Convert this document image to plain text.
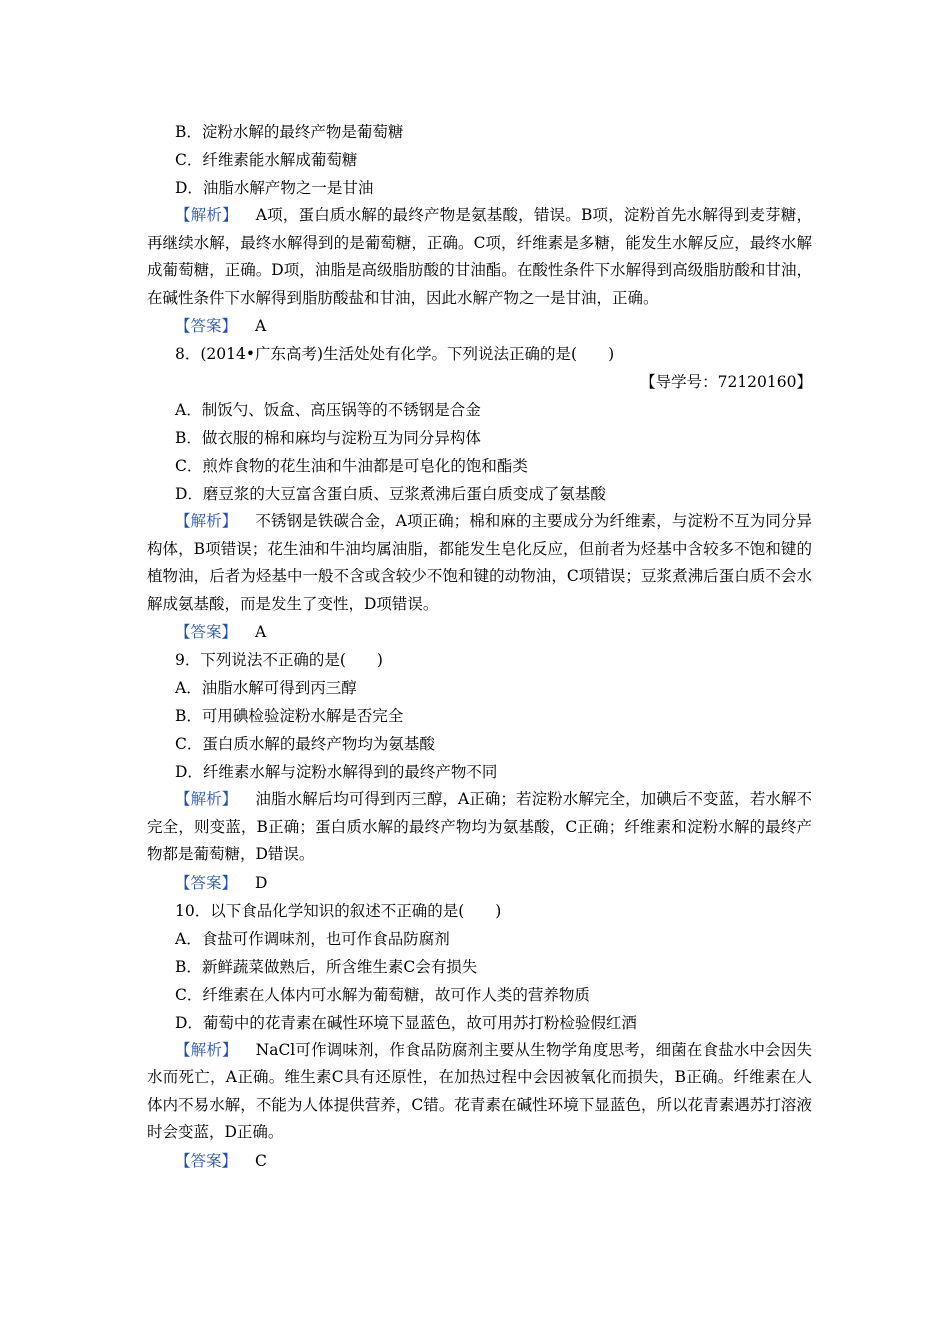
B．淀粉水解的最终产物是葡萄糖
C．纤维素能水解成葡萄糖
D．油脂水解产物之一是甘油
【解析】 A项，蛋白质水解的最终产物是氨基酸，错误。B项，淀粉首先水解得到麦芽糖，再继续水解，最终水解得到的是葡萄糖，正确。C项，纤维素是多糖，能发生水解反应，最终水解成葡萄糖，正确。D项，油脂是高级脂肪酸的甘油酯。在酸性条件下水解得到高级脂肪酸和甘油，在碱性条件下水解得到脂肪酸盐和甘油，因此水解产物之一是甘油，正确。
【答案】 A
8．(2014•广东高考)生活处处有化学。下列说法正确的是(　　)
【导学号：72120160】
A．制饭勺、饭盒、高压锅等的不锈钢是合金
B．做衣服的棉和麻均与淀粉互为同分异构体
C．煎炸食物的花生油和牛油都是可皂化的饱和酯类
D．磨豆浆的大豆富含蛋白质、豆浆煮沸后蛋白质变成了氨基酸
【解析】 不锈钢是铁碳合金，A项正确；棉和麻的主要成分为纤维素，与淀粉不互为同分异构体，B项错误；花生油和牛油均属油脂，都能发生皂化反应，但前者为烃基中含较多不饱和键的植物油，后者为烃基中一般不含或含较少不饱和键的动物油，C项错误；豆浆煮沸后蛋白质不会水解成氨基酸，而是发生了变性，D项错误。
【答案】 A
9．下列说法不正确的是(　　)
A．油脂水解可得到丙三醇
B．可用碘检验淀粉水解是否完全
C．蛋白质水解的最终产物均为氨基酸
D．纤维素水解与淀粉水解得到的最终产物不同
【解析】 油脂水解后均可得到丙三醇，A正确；若淀粉水解完全，加碘后不变蓝，若水解不完全，则变蓝，B正确；蛋白质水解的最终产物均为氨基酸，C正确；纤维素和淀粉水解的最终产物都是葡萄糖，D错误。
【答案】 D
10．以下食品化学知识的叙述不正确的是(　　)
A．食盐可作调味剂，也可作食品防腐剂
B．新鲜蔬菜做熟后，所含维生素C会有损失
C．纤维素在人体内可水解为葡萄糖，故可作人类的营养物质
D．葡萄中的花青素在碱性环境下显蓝色，故可用苏打粉检验假红酒
【解析】 NaCl可作调味剂，作食品防腐剂主要从生物学角度思考，细菌在食盐水中会因失水而死亡，A正确。维生素C具有还原性，在加热过程中会因被氧化而损失，B正确。纤维素在人体内不易水解，不能为人体提供营养，C错。花青素在碱性环境下显蓝色，所以花青素遇苏打溶液时会变蓝，D正确。
【答案】 C
